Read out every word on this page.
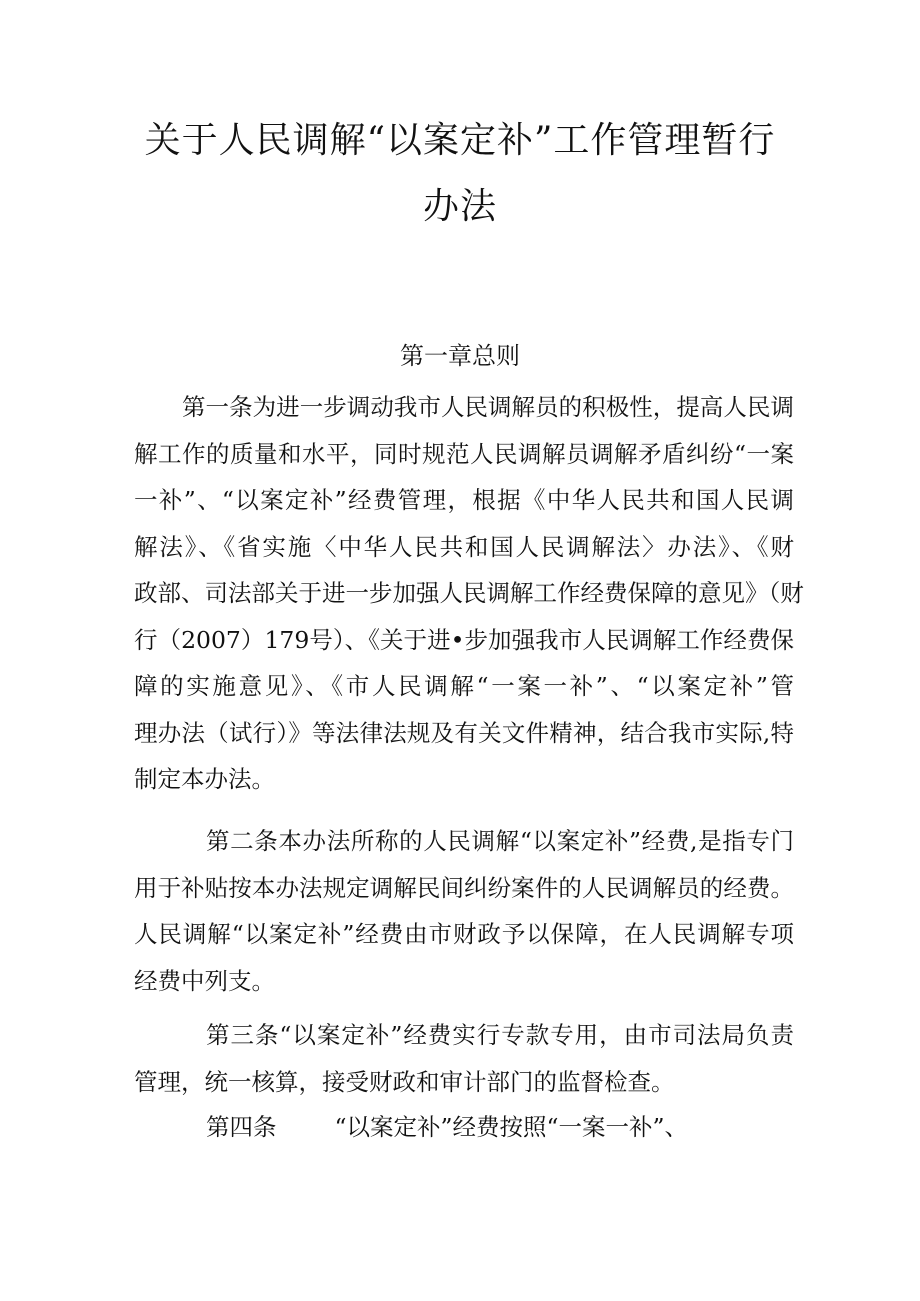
关于人民调解“以案定补”工作管理暂行
办法
第一章总则
第一条为进一步调动我市人民调解员的积极性，提高人民调
解工作的质量和水平，同时规范人民调解员调解矛盾纠纷“一案
一补”、“以案定补”经费管理，根据《中华人民共和国人民调
解法》、《省实施〈中华人民共和国人民调解法〉办法》、《财
政部、司法部关于进一步加强人民调解工作经费保障的意见》（财
行（2007）179号）、《关于进•步加强我市人民调解工作经费保
障的实施意见》、《市人民调解“一案一补”、“以案定补”管
理办法（试行）》等法律法规及有关文件精神，结合我市实际,特
制定本办法。
第二条本办法所称的人民调解“以案定补”经费,是指专门
用于补贴按本办法规定调解民间纠纷案件的人民调解员的经费。
人民调解“以案定补”经费由市财政予以保障，在人民调解专项
经费中列支。
第三条“以案定补”经费实行专款专用，由市司法局负责
管理，统一核算，接受财政和审计部门的监督检查。
第四条 “以案定补”经费按照“一案一补”、
